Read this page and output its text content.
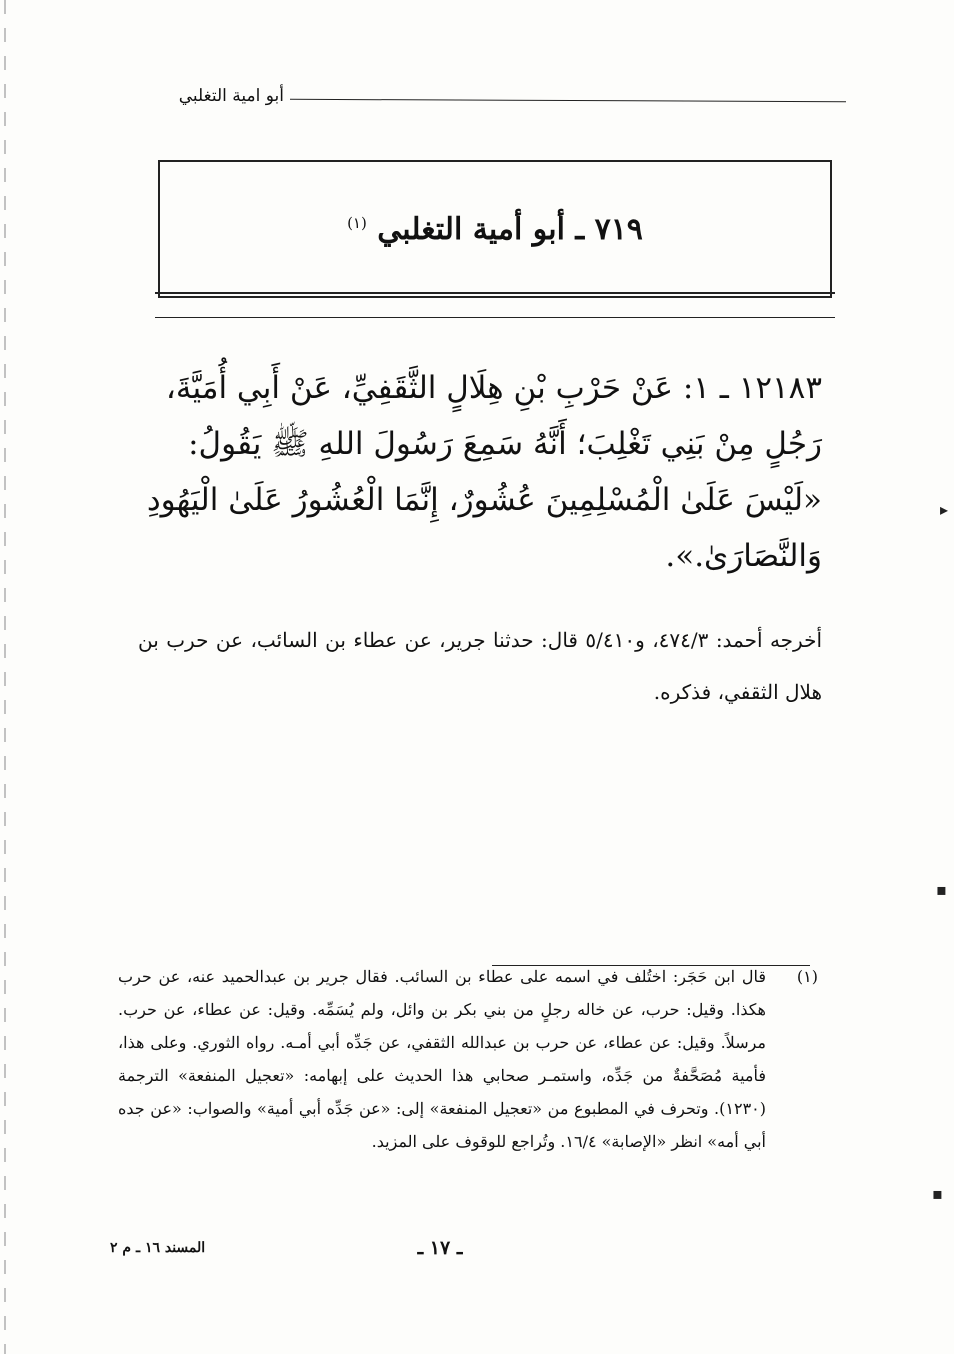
أبو امية التغلبي
٧١٩ ـ أبو أمية التغلبي $^{(١)}$

١٢١٨٣ ـ ١: عَنْ حَرْبِ بْنِ هِلَالٍ الثَّقَفِيِّ، عَنْ أَبِي أُمَيَّةَ،

رَجُلٍ مِنْ بَنِي تَغْلِبَ؛ أَنَّهُ سَمِعَ رَسُولَ اللهِ ﷺ يَقُولُ:

«لَيْسَ عَلَىٰ الْمُسْلِمِينَ عُشُورٌ، إِنَّمَا الْعُشُورُ عَلَىٰ الْيَهُودِ

وَالنَّصَارَىٰ.».

أخرجه أحمد: ٤٧٤/٣، و٥/٤١٠ قال: حدثنا جرير، عن عطاء بن السائب، عن حرب بن هلال الثقفي، فذكره.
(١)
قال ابن حَجَر: اختُلف في اسمه على عطاء بن السائب. فقال جرير بن عبدالحميد عنه، عن حرب هكذا. وقيل: حرب، عن خاله رجلٍ من بني بكر بن وائل، ولم يُسَمِّه. وقيل: عن عطاء، عن حرب. مرسلاً. وقيل: عن عطاء، عن حرب بن عبدالله الثقفي، عن جَدِّه أبي أمـه. رواه الثوري. وعلى هذا، فأمية مُصَحَّفةٌ من جَدِّه، واستمـر صحابي هذا الحديث على إبهامه: «تعجيل المنفعة» الترجمة (١٢٣٠). وتحرف في المطبوع من «تعجيل المنفعة» إلى: «عن جَدِّه أبي أمية» والصواب: «عن جده أبي أمه» انظر «الإصابة» ١٦/٤. وتُراجع للوقوف على المزيد.
ـ ١٧ ـ
المسند ١٦ ـ م ٢
▸
▪
▪
